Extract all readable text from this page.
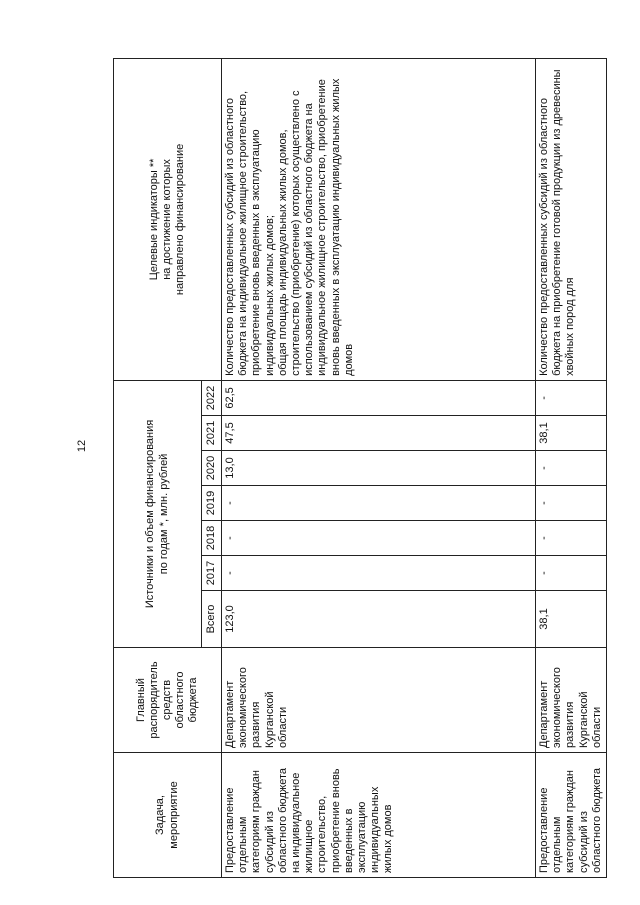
12
Задача,
мероприятие	Главный
распорядитель
средств
областного
бюджета	Источники и объем финансирования
по годам *, млн. рублей							Целевые индикаторы **
на достижение которых
направлено финансирование
		Всего	2017	2018	2019	2020	2021	2022	
Предоставление отдельным категориям граждан субсидий из областного бюджета на индивидуальное жилищное строительство, приобретение вновь введенных в эксплуатацию индивидуальных жилых домов	Департамент экономического развития Курганской области	123,0	-	-	-	13,0	47,5	62,5	Количество предоставленных субсидий из областного бюджета на индивидуальное жилищное строительство, приобретение вновь введенных в эксплуатацию индивидуальных жилых домов;
общая площадь индивидуальных жилых домов, строительство (приобретение) которых осуществлено с использованием субсидий из областного бюджета на индивидуальное жилищное строительство, приобретение вновь введенных в эксплуатацию индивидуальных жилых домов
Предоставление отдельным категориям граждан субсидий из областного бюджета	Департамент экономического развития Курганской области	38,1	-	-	-	-	38,1	-	Количество предоставленных субсидий из областного бюджета на приобретение готовой продукции из древесины хвойных пород для
